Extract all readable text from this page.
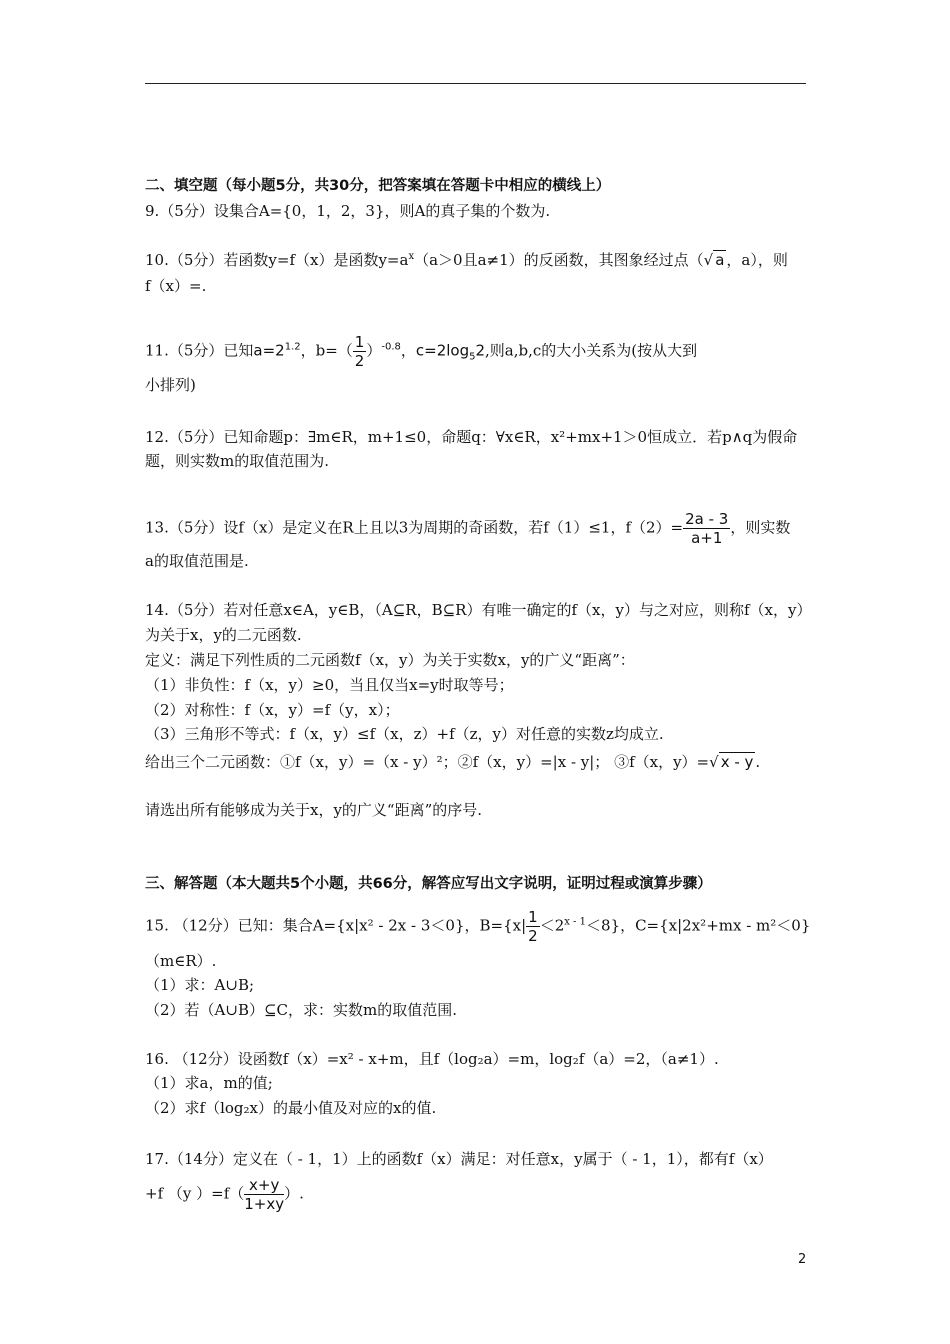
二、填空题（每小题5分，共30分，把答案填在答题卡中相应的横线上）
9.（5分）设集合A={0，1，2，3}，则A的真子集的个数为.
10.（5分）若函数y=f（x）是函数$y=a^x(a>0$且a≠1）的反函数，其图象经过点（√ a ，a），则
f（x）=.
11.（5分）已知$a=2^{1.2}$，$b=( \frac{1}{2} )^{-0.8}$，$c=2\log_52$,则a,b,c的大小关系为(按从大到
小排列)
12.（5分）已知命题p：∃m∈R，m+1≤0，命题q：∀x∈R，x²+mx+1＞0恒成立．若p∧q为假命
题，则实数m的取值范围为.
13.（5分）设f（x）是定义在R上且以3为周期的奇函数，若f（1）≤1，$f(2)= \frac{2a - 3}{a+1}$ ，则实数
a的取值范围是.
14.（5分）若对任意x∈A，y∈B，（A⊆R，B⊆R）有唯一确定的f（x，y）与之对应，则称f（x，y）
为关于x，y的二元函数.
定义：满足下列性质的二元函数f（x，y）为关于实数x，y的广义“距离”：
（1）非负性：f（x，y）≥0，当且仅当x=y时取等号；
（2）对称性：f（x，y）=f（y，x）；
（3）三角形不等式：f（x，y）≤f（x，z）+f（z，y）对任意的实数z均成立.
给出三个二元函数：①f（x，y）=（x - y）²；②f（x，y）=|x - y|； ③f（x，y）=√ x - y .
请选出所有能够成为关于x，y的广义“距离”的序号.
三、解答题（本大题共5个小题，共66分，解答应写出文字说明，证明过程或演算步骤）
15. （12分）已知：集合A={x|x² - 2x - 3＜0}，$B=\{x| \frac{1}{2} <2^{x - 1}<8\}$，C={x|2x²+mx - m²＜0}
（m∈R）.
（1）求：A∪B;
（2）若（A∪B）⊆C，求：实数m的取值范围.
16. （12分）设函数f（x）=x² - x+m，且f（log₂a）=m，log₂f（a）=2，（a≠1）.
（1）求a，m的值;
（2）求f（log₂x）的最小值及对应的x的值.
17.（14分）定义在（ - 1，1）上的函数f（x）满足：对任意x，y属于（ - 1，1），都有f（x）
+f （y ）$=f( \frac{x+y}{1+xy}$ ）.
2
